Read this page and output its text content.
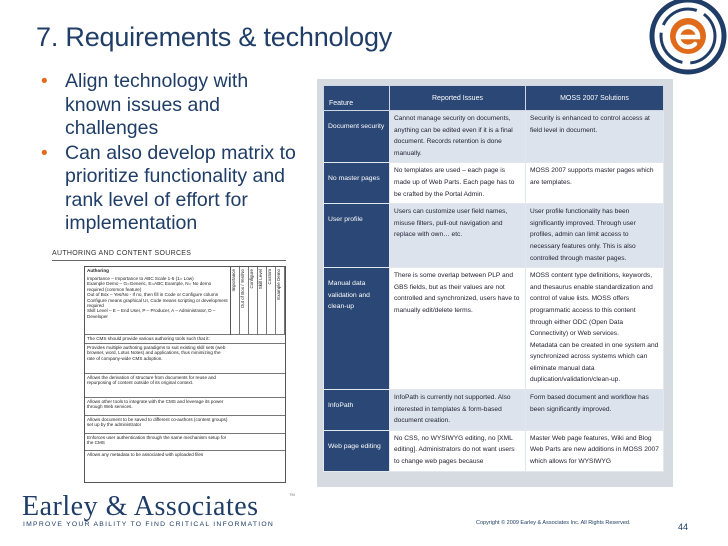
7. Requirements & technology
• Align technology with known issues and challenges
• Can also develop matrix to prioritize functionality and rank level of effort for implementation
AUTHORING AND CONTENT SOURCES
Importance Out of Box / Yes/No Configure Skill Level Custom Example Demo
Authoring
Importance – Importance to ABC Scale 1-5 (1= Low)
Example Demo – G=Generic, E=ABC Example, N= No demo required (common feature)
Out of Box – Yes/No - If no, then fill in Code or Configure column
Configure means graphical UI, Code means scripting or development required
Skill Level – E – End User, P – Producer, A – Administrator, D – Developer
The CMS should provide various authoring tools such that it:
Provides multiple authoring paradigms to suit existing skill sets (web browser, word, Lotus Notes) and applications, thus minimizing the rate of company-wide CMS adoption.
Allows the derivation of structure from documents for reuse and repurposing of content outside of its original context.
Allows other tools to integrate with the CMS and leverage its power through Web services.
Allows document to be saved to different co-authors (content groups) set up by the administrator
Enforces user authentication through the same mechanism setup for the CMS
Allows any metadata to be associated with uploaded files
Feature	Reported Issues	MOSS 2007 Solutions
Document security	Cannot manage security on documents, anything can be edited even if it is a final document. Records retention is done manually.	Security is enhanced to control access at field level in document.
No master pages	No templates are used – each page is made up of Web Parts. Each page has to be crafted by the Portal Admin.	MOSS 2007 supports master pages which are templates.
User profile	Users can customize user field names, misuse filters, pull-out navigation and replace with own… etc.	User profile functionality has been significantly improved. Through user profiles, admin can limit access to necessary features only. This is also controlled through master pages.
Manual data validation and clean-up	There is some overlap between PLP and GBS fields, but as their values are not controlled and synchronized, users have to manually edit/delete terms.	MOSS content type definitions, keywords, and thesaurus enable standardization and control of value lists. MOSS offers programmatic access to this content through either ODC (Open Data Connectivity) or Web services.
Metadata can be created in one system and synchronized across systems which can eliminate manual data duplication/validation/clean-up.
InfoPath	InfoPath is currently not supported. Also interested in templates & form-based document creation.	Form based document and workflow has been significantly improved.
Web page editing	No CSS, no WYSIWYG editing, no [XML editing]. Administrators do not want users to change web pages because	Master Web page features, Wiki and Blog Web Parts are new additions in MOSS 2007 which allows for WYSIWYG
Earley & Associates	TM
IMPROVE YOUR ABILITY TO FIND CRITICAL INFORMATION	Copyright © 2009 Earley & Associates Inc. All Rights Reserved.	44
